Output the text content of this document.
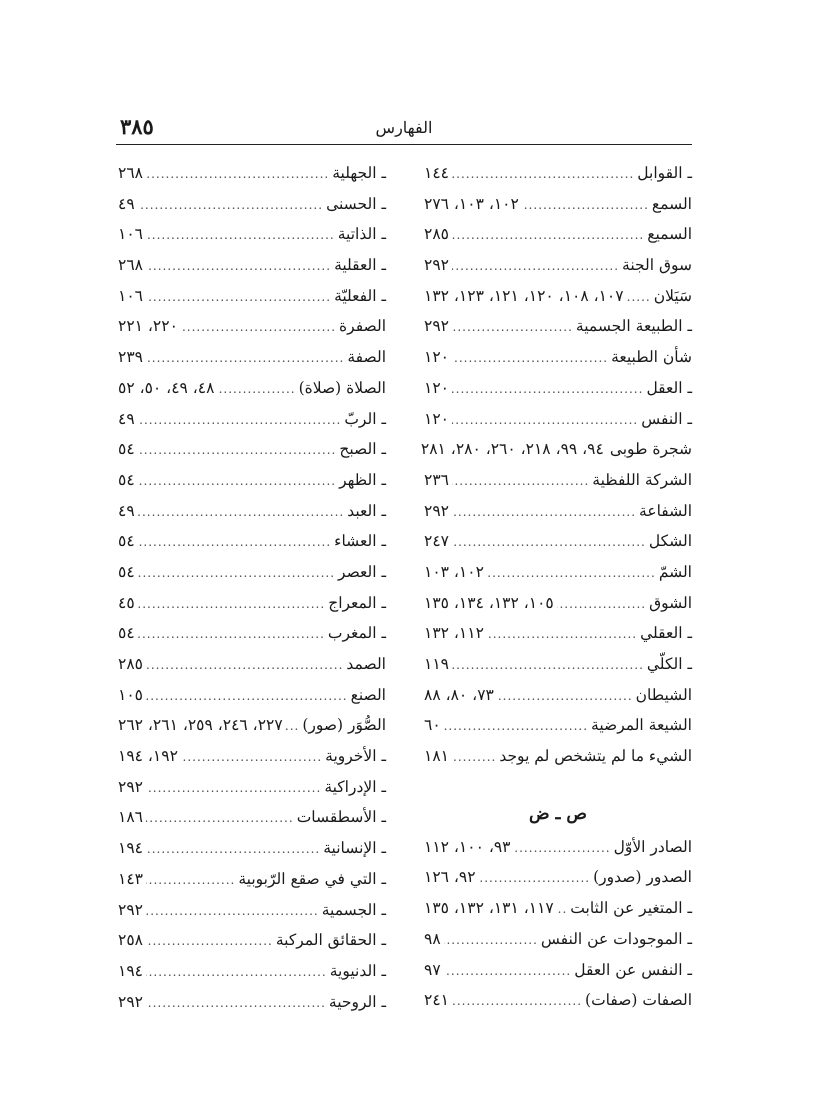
٣٨٥	الفهارس
ـ القوابل
.....
١٤٤
السمع
.....
١٠٢، ١٠٣، ٢٧٦
السميع
.....
٢٨٥
سوق الجنة
.....
٢٩٢
سَيَلان
.....
١٠٧، ١٠٨، ١٢٠، ١٢١، ١٢٣، ١٣٢
ـ الطبيعة الجسمية
.....
٢٩٢
شأن الطبيعة
.....
١٢٠
ـ العقل
.....
١٢٠
ـ النفس
.....
١٢٠
شجرة طوبى
٩٤، ٩٩، ٢١٨، ٢٦٠، ٢٨٠، ٢٨١
الشركة اللفظية
.....
٢٣٦
الشفاعة
.....
٢٩٢
الشكل
.....
٢٤٧
الشمّ
.....
١٠٢، ١٠٣
الشوق
.....
١٠٥، ١٣٢، ١٣٤، ١٣٥
ـ العقلي
.....
١١٢، ١٣٢
ـ الكلّي
.....
١١٩
الشيطان
.....
٧٣، ٨٠، ٨٨
الشيعة المرضية
.....
٦٠
الشيء ما لم يتشخص لم يوجد
.....
١٨١
ص ـ ض
الصادر الأوّل
.....
٩٣، ١٠٠، ١١٢
الصدور (صدور)
.....
٩٢، ١٢٦
ـ المتغير عن الثابت
.....
١١٧، ١٣١، ١٣٢، ١٣٥
ـ الموجودات عن النفس
.....
٩٨
ـ النفس عن العقل
.....
٩٧
الصفات (صفات)
.....
٢٤١
ـ الجهلية
.....
٢٦٨
ـ الحسنى
.....
٤٩
ـ الذاتية
.....
١٠٦
ـ العقلية
.....
٢٦٨
ـ الفعليّة
.....
١٠٦
الصفرة
.....
٢٢٠، ٢٢١
الصفة
.....
٢٣٩
الصلاة (صلاة)
.....
٤٨، ٤٩، ٥٠، ٥٢
ـ الربّ
.....
٤٩
ـ الصبح
.....
٥٤
ـ الظهر
.....
٥٤
ـ العبد
.....
٤٩
ـ العشاء
.....
٥٤
ـ العصر
.....
٥٤
ـ المعراج
.....
٤٥
ـ المغرب
.....
٥٤
الصمد
.....
٢٨٥
الصنع
.....
١٠٥
الصُّوَر (صور)
.....
٢٢٧، ٢٤٦، ٢٥٩، ٢٦١، ٢٦٢
ـ الأخروية
.....
١٩٢، ١٩٤
ـ الإدراكية
.....
٢٩٢
ـ الأسطقسات
.....
١٨٦
ـ الإنسانية
.....
١٩٤
ـ التي في صقع الرّبوبية
.....
١٤٣
ـ الجسمية
.....
٢٩٢
ـ الحقائق المركبة
.....
٢٥٨
ـ الدنيوية
.....
١٩٤
ـ الروحية
.....
٢٩٢
